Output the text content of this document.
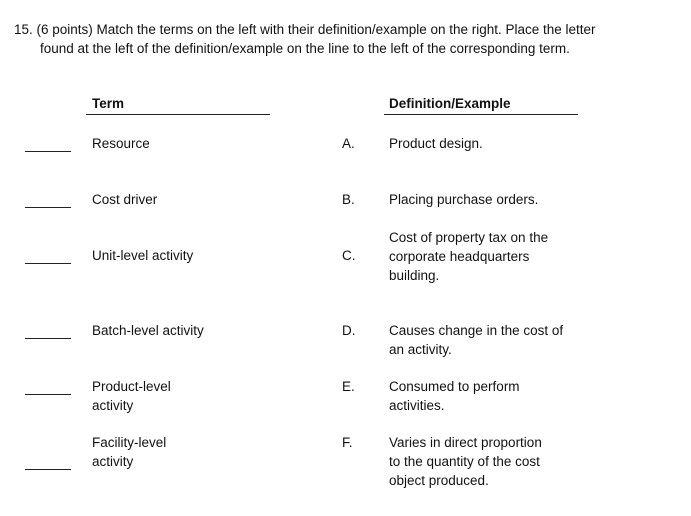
15. (6 points) Match the terms on the left with their definition/example on the right. Place the letter
found at the left of the definition/example on the line to the left of the corresponding term.
Term	Definition/Example
Resource	A.	Product design.
Cost driver	B.	Placing purchase orders.
Unit-level activity	C.
Cost of property tax on the
corporate headquarters
building.
Batch-level activity	D. Causes change in the cost of
an activity.
Product-level
activity
E.	Consumed to perform
activities.
Facility-level
activity
F.	Varies in direct proportion
to the quantity of the cost
object produced.
